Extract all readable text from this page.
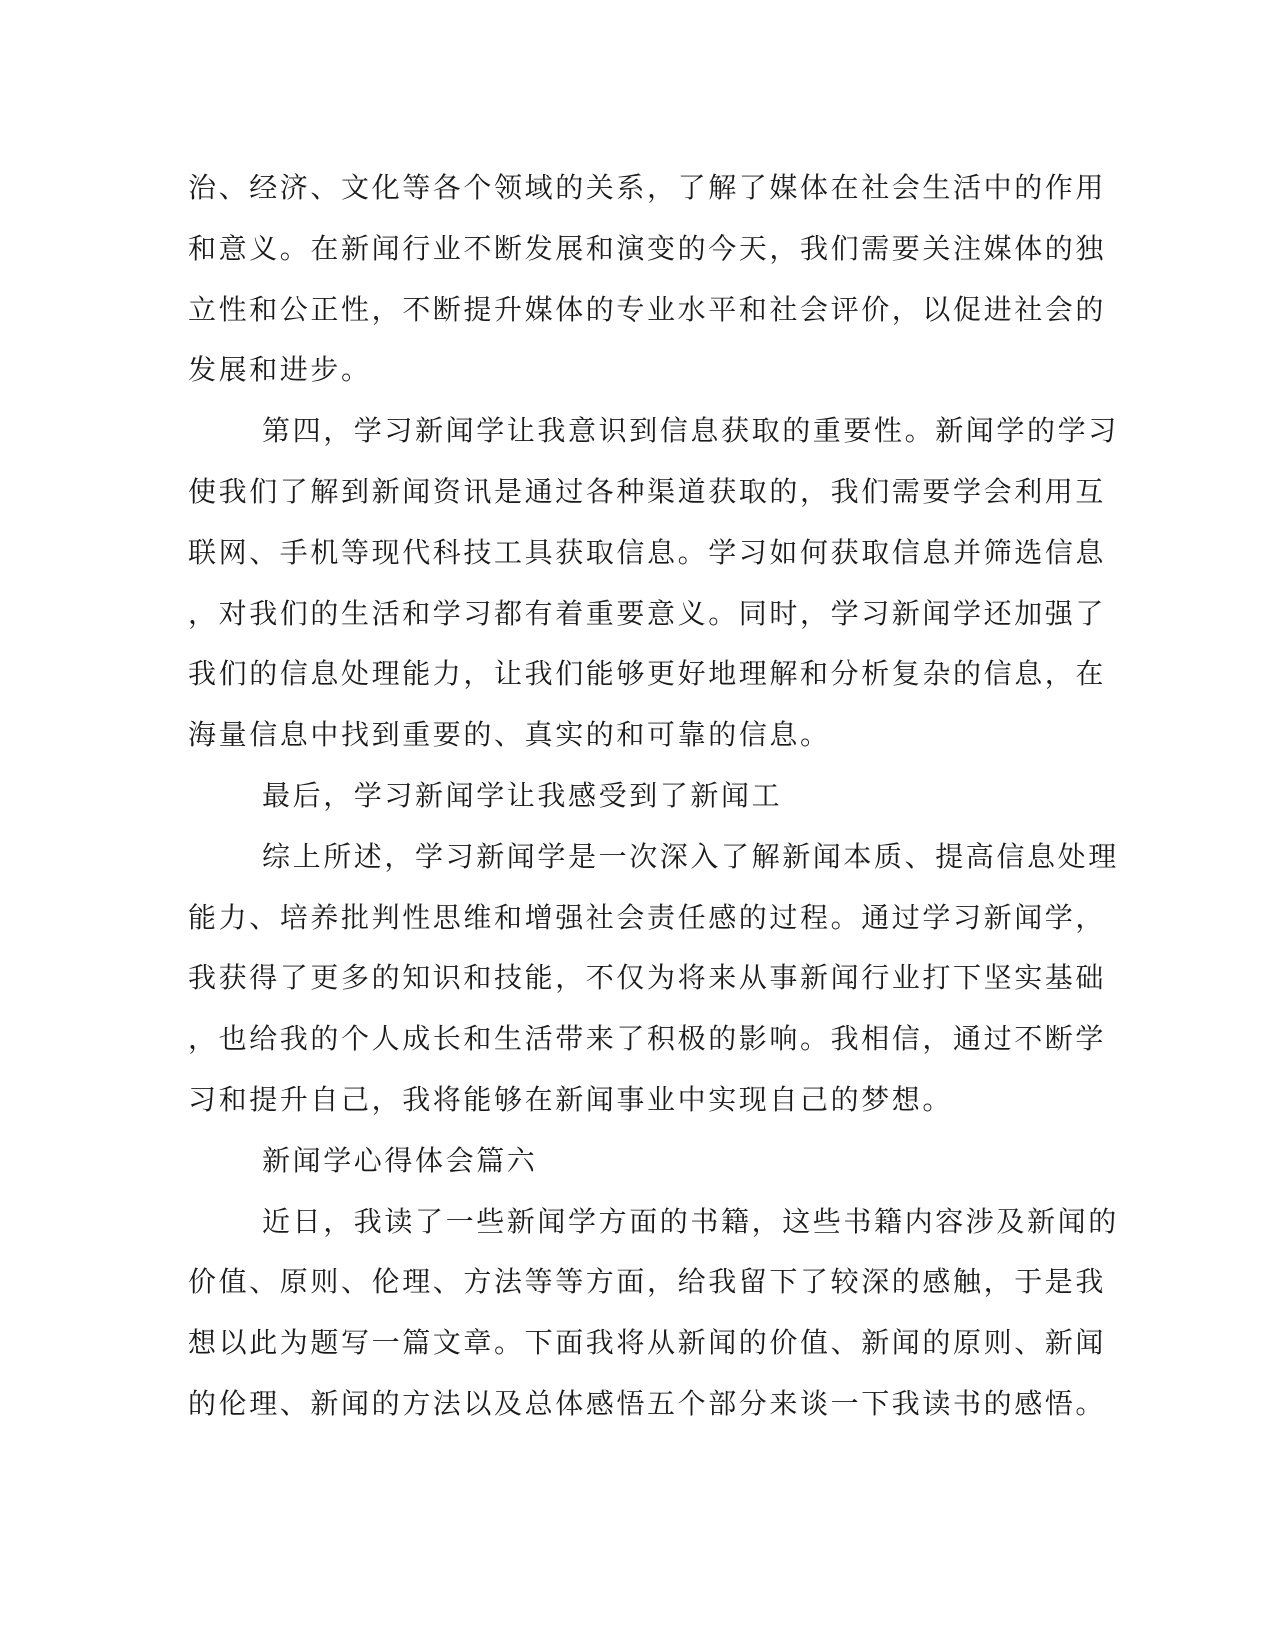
治、经济、文化等各个领域的关系，了解了媒体在社会生活中的作用
和意义。在新闻行业不断发展和演变的今天，我们需要关注媒体的独
立性和公正性，不断提升媒体的专业水平和社会评价，以促进社会的
发展和进步。
第四，学习新闻学让我意识到信息获取的重要性。新闻学的学习
使我们了解到新闻资讯是通过各种渠道获取的，我们需要学会利用互
联网、手机等现代科技工具获取信息。学习如何获取信息并筛选信息
，对我们的生活和学习都有着重要意义。同时，学习新闻学还加强了
我们的信息处理能力，让我们能够更好地理解和分析复杂的信息，在
海量信息中找到重要的、真实的和可靠的信息。
最后，学习新闻学让我感受到了新闻工
综上所述，学习新闻学是一次深入了解新闻本质、提高信息处理
能力、培养批判性思维和增强社会责任感的过程。通过学习新闻学，
我获得了更多的知识和技能，不仅为将来从事新闻行业打下坚实基础
，也给我的个人成长和生活带来了积极的影响。我相信，通过不断学
习和提升自己，我将能够在新闻事业中实现自己的梦想。
新闻学心得体会篇六
近日，我读了一些新闻学方面的书籍，这些书籍内容涉及新闻的
价值、原则、伦理、方法等等方面，给我留下了较深的感触，于是我
想以此为题写一篇文章。下面我将从新闻的价值、新闻的原则、新闻
的伦理、新闻的方法以及总体感悟五个部分来谈一下我读书的感悟。
